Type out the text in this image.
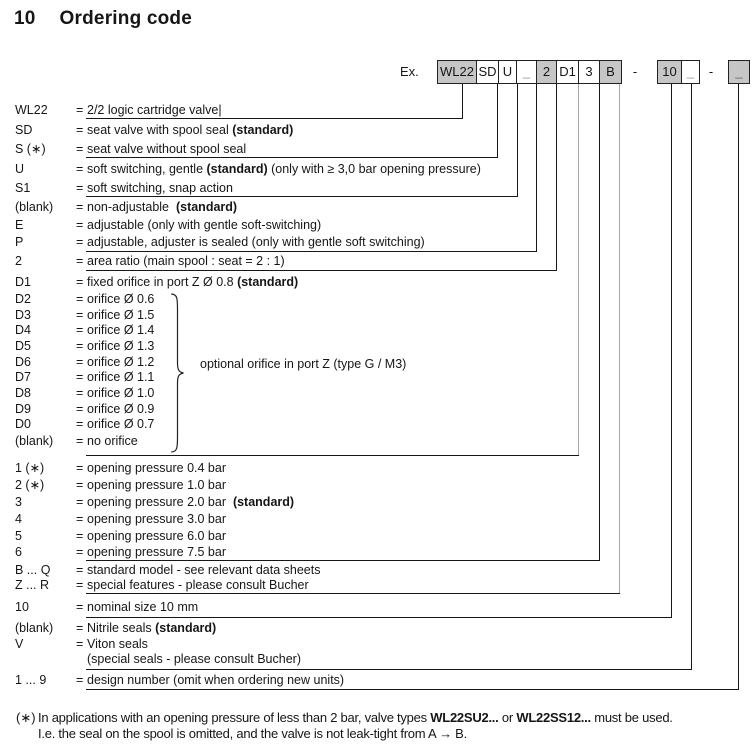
10 Ordering code
Ex. WL22 SD U _ 2 D1 3	B	-	10 _	-	_
WL22 = 2/2 logic cartridge valve|
SD	= seat valve with spool seal (standard)
S (∗) = seat valve without spool seal
U	= soft switching, gentle (standard) (only with ≥ 3,0 bar opening pressure)
S1	= soft switching, snap action
(blank) = non-adjustable  (standard)
E	= adjustable (only with gentle soft-switching)
P	= adjustable, adjuster is sealed (only with gentle soft switching)
2	= area ratio (main spool : seat = 2 : 1)
D1	= fixed orifice in port Z Ø 0.8 (standard)
D2	= orifice Ø 0.6
D3	= orifice Ø 1.5
D4	= orifice Ø 1.4
D5	= orifice Ø 1.3
D6	= orifice Ø 1.2
D7	= orifice Ø 1.1
D8	= orifice Ø 1.0
D9	= orifice Ø 0.9
D0	= orifice Ø 0.7
(blank) = no orifice
1 (∗)	= opening pressure 0.4 bar
2 (∗)	= opening pressure 1.0 bar
3	= opening pressure 2.0 bar  (standard)
4	= opening pressure 3.0 bar
5	= opening pressure 6.0 bar
6	= opening pressure 7.5 bar
B ... Q = standard model - see relevant data sheets
Z ... R = special features - please consult Bucher
10	= nominal size 10 mm
(blank) = Nitrile seals (standard)
V	= Viton seals
(special seals - please consult Bucher)
1 ... 9 = design number (omit when ordering new units)
optional orifice in port Z (type G / M3)
(∗) In applications with an opening pressure of less than 2 bar, valve types WL22SU2... or WL22SS12... must be used.
I.e. the seal on the spool is omitted, and the valve is not leak-tight from A → B.
